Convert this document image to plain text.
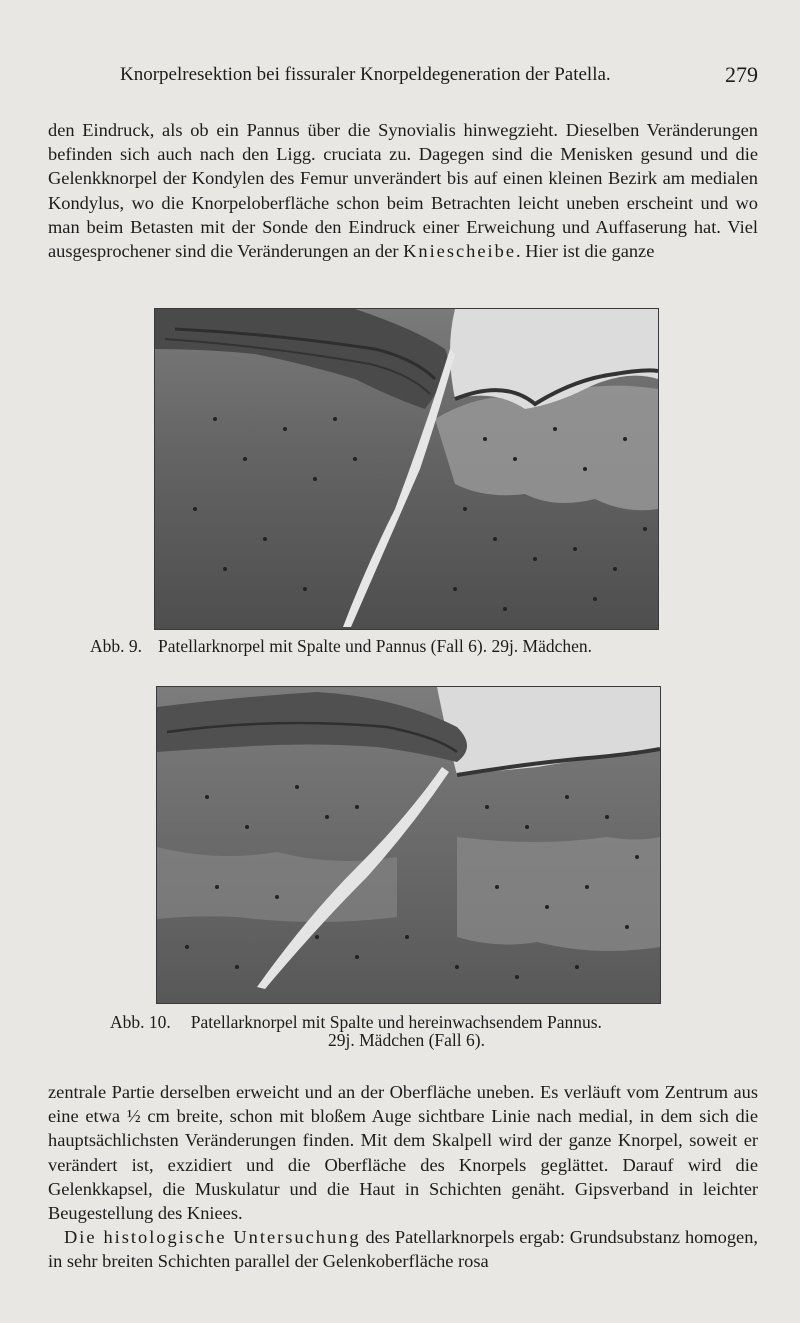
Knorpelresektion bei fissuraler Knorpeldegeneration der Patella.	279

den Eindruck, als ob ein Pannus über die Synovialis hinwegzieht. Dieselben Veränderungen befinden sich auch nach den Ligg. cruciata zu. Dagegen sind die Menisken gesund und die Gelenkknorpel der Kondylen des Femur unverändert bis auf einen kleinen Bezirk am medialen Kondylus, wo die Knorpeloberfläche schon beim Betrachten leicht uneben erscheint und wo man beim Betasten mit der Sonde den Eindruck einer Erweichung und Auffaserung hat. Viel ausgesprochener sind die Veränderungen an der Kniescheibe. Hier ist die ganze

Abb. 9. Patellarknorpel mit Spalte und Pannus (Fall 6). 29j. Mädchen.
Abb. 10. Patellarknorpel mit Spalte und hereinwachsendem Pannus.
29j. Mädchen (Fall 6).

zentrale Partie derselben erweicht und an der Oberfläche uneben. Es verläuft vom Zentrum aus eine etwa ½ cm breite, schon mit bloßem Auge sichtbare Linie nach medial, in dem sich die hauptsächlichsten Veränderungen finden. Mit dem Skalpell wird der ganze Knorpel, soweit er verändert ist, exzidiert und die Oberfläche des Knorpels geglättet. Darauf wird die Gelenkkapsel, die Muskulatur und die Haut in Schichten genäht. Gipsverband in leichter Beugestellung des Kniees.
Die histologische Untersuchung des Patellarknorpels ergab: Grundsubstanz homogen, in sehr breiten Schichten parallel der Gelenkoberfläche rosa
